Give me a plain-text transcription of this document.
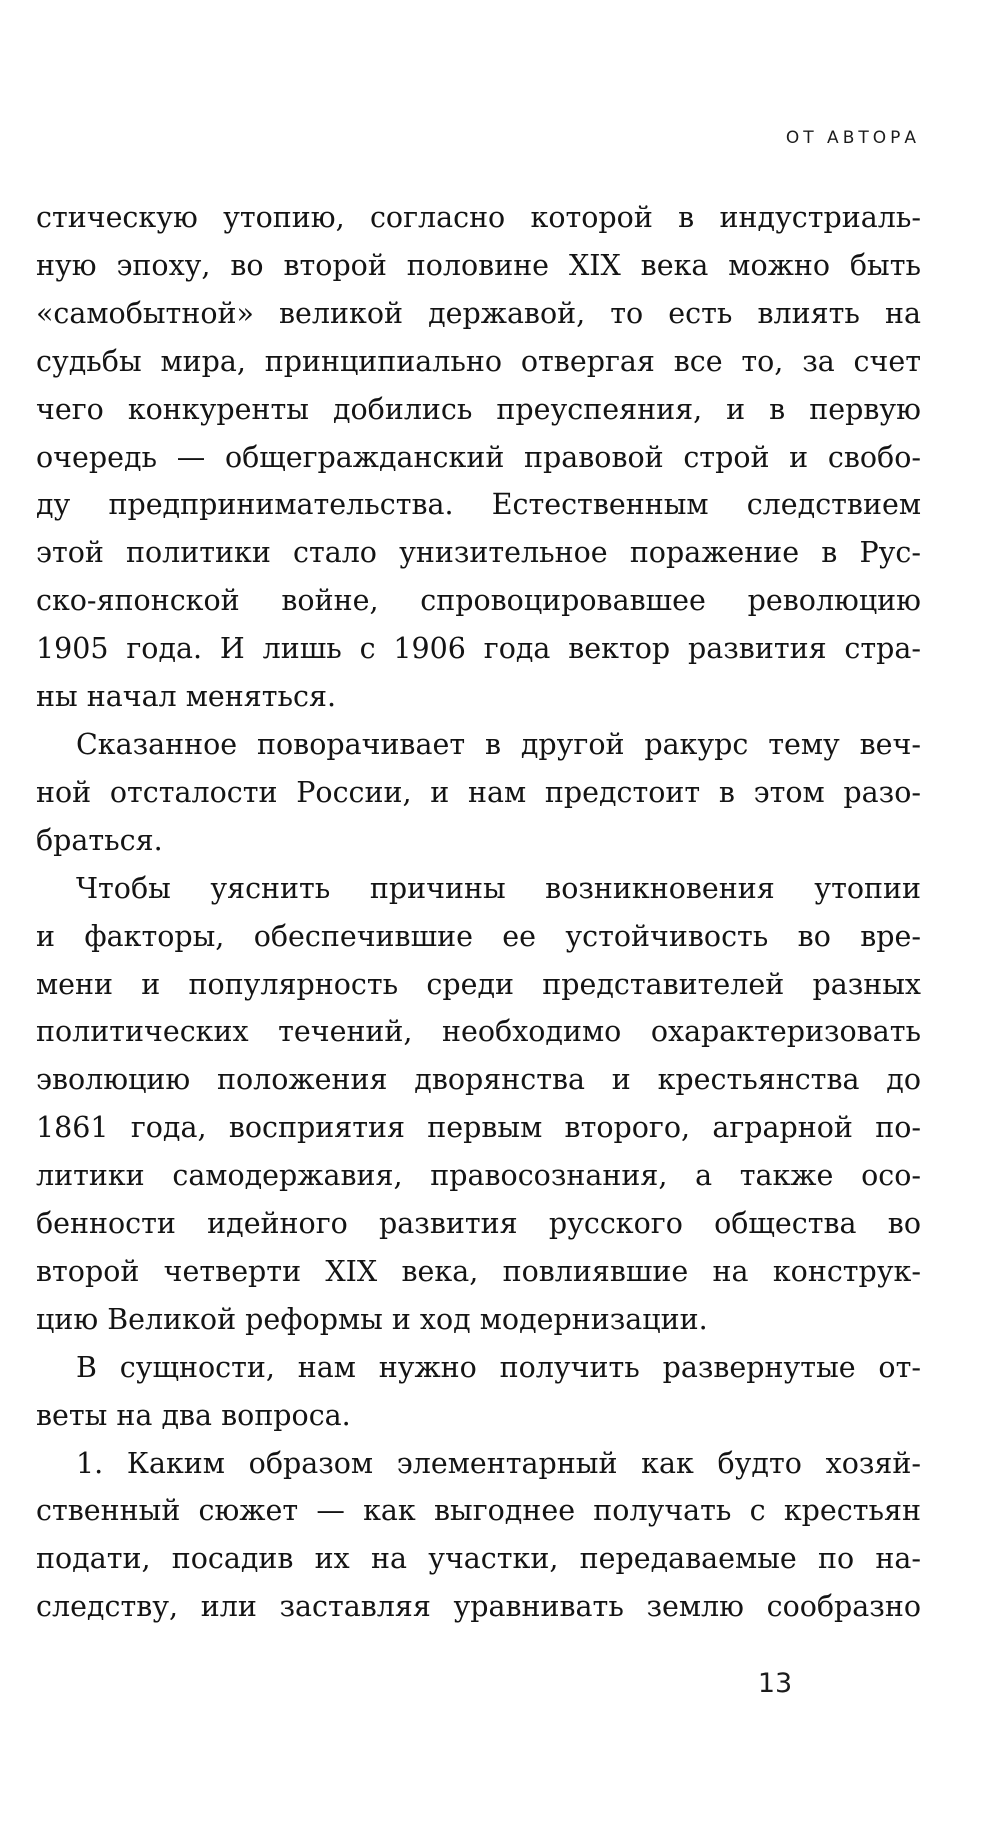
ОТ АВТОРА
стическую утопию, согласно которой в индустриаль-
ную эпоху, во второй половине XIX века можно быть
«самобытной» великой державой, то есть влиять на
судьбы мира, принципиально отвергая все то, за счет
чего конкуренты добились преуспеяния, и в первую
очередь — общегражданский правовой строй и свобо-
ду предпринимательства. Естественным следствием
этой политики стало унизительное поражение в Рус-
ско-японской войне, спровоцировавшее революцию
1905 года. И лишь с 1906 года вектор развития стра-
ны начал меняться.
Сказанное поворачивает в другой ракурс тему веч-
ной отсталости России, и нам предстоит в этом разо-
браться.
Чтобы уяснить причины возникновения утопии
и факторы, обеспечившие ее устойчивость во вре-
мени и популярность среди представителей разных
политических течений, необходимо охарактеризовать
эволюцию положения дворянства и крестьянства до
1861 года, восприятия первым второго, аграрной по-
литики самодержавия, правосознания, а также осо-
бенности идейного развития русского общества во
второй четверти XIX века, повлиявшие на конструк-
цию Великой реформы и ход модернизации.
В сущности, нам нужно получить развернутые от-
веты на два вопроса.
1. Каким образом элементарный как будто хозяй-
ственный сюжет — как выгоднее получать с крестьян
подати, посадив их на участки, передаваемые по на-
следству, или заставляя уравнивать землю сообразно
13
